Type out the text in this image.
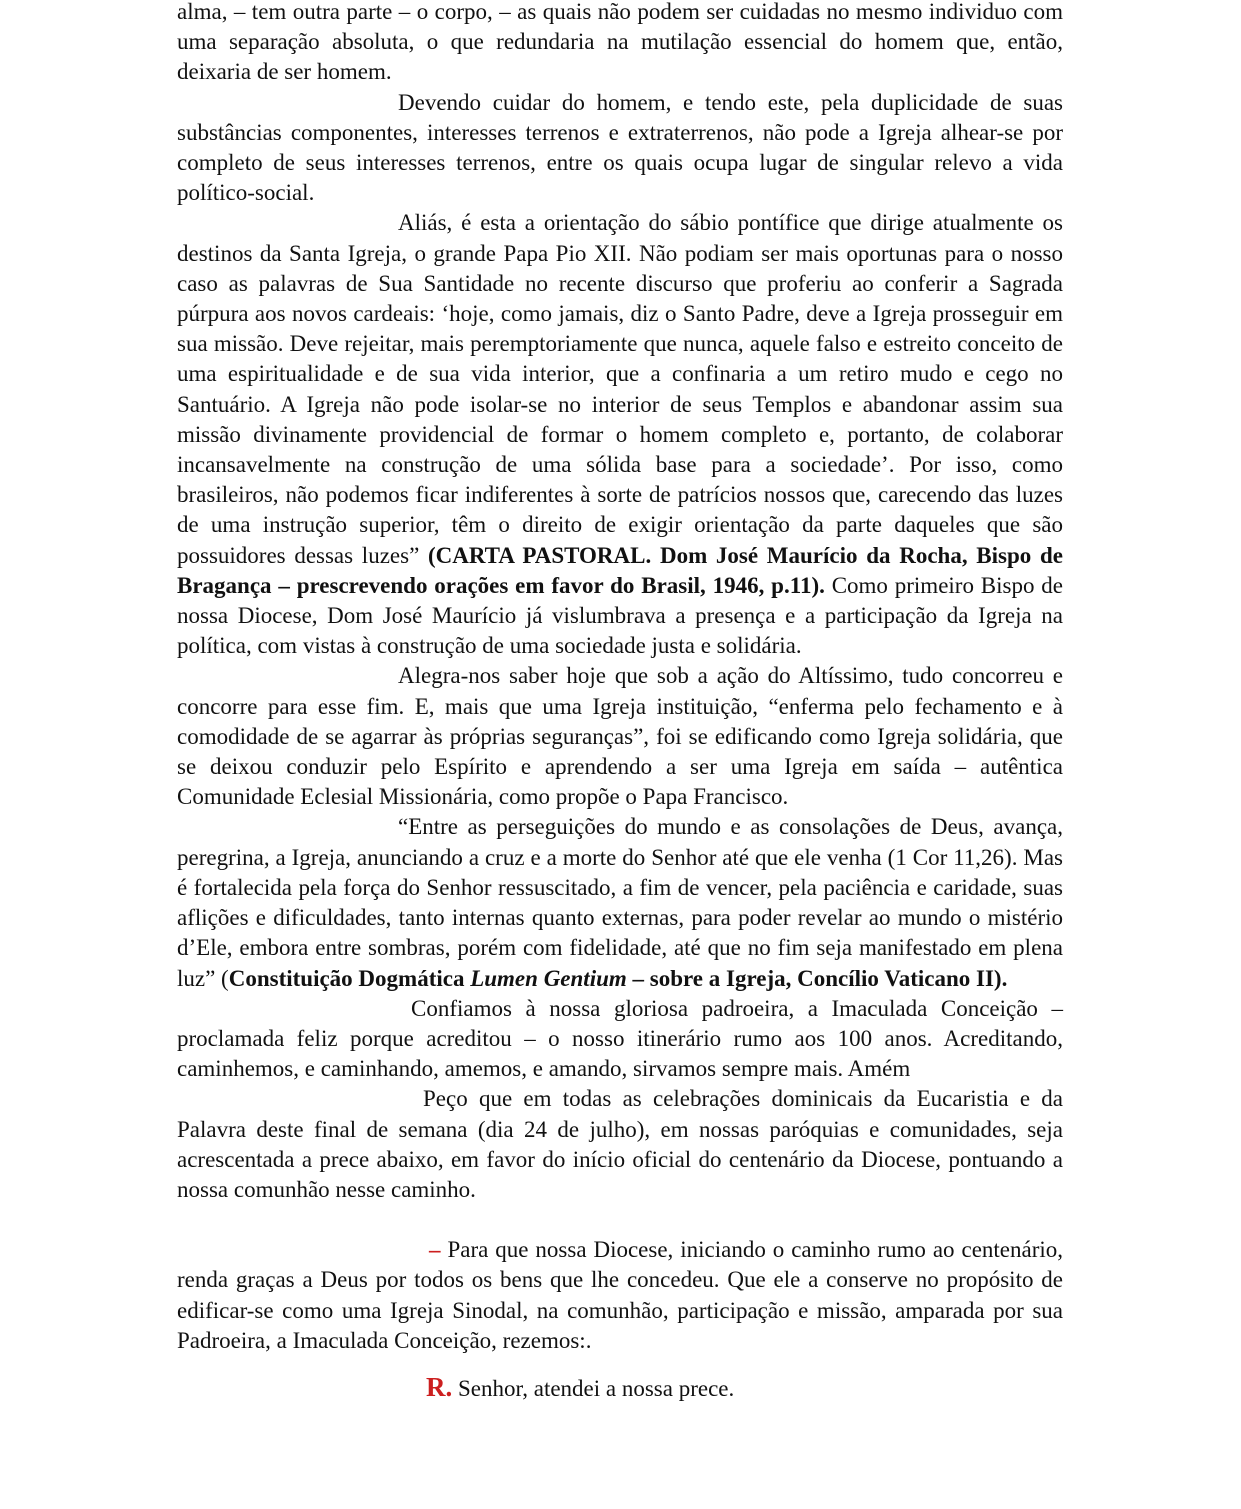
alma, – tem outra parte – o corpo, – as quais não podem ser cuidadas no mesmo individuo com uma separação absoluta, o que redundaria na mutilação essencial do homem que, então, deixaria de ser homem.

Devendo cuidar do homem, e tendo este, pela duplicidade de suas substâncias componentes, interesses terrenos e extraterrenos, não pode a Igreja alhear-se por completo de seus interesses terrenos, entre os quais ocupa lugar de singular relevo a vida político-social.

Aliás, é esta a orientação do sábio pontífice que dirige atualmente os destinos da Santa Igreja, o grande Papa Pio XII. Não podiam ser mais oportunas para o nosso caso as palavras de Sua Santidade no recente discurso que proferiu ao conferir a Sagrada púrpura aos novos cardeais: ‘hoje, como jamais, diz o Santo Padre, deve a Igreja prosseguir em sua missão. Deve rejeitar, mais peremptoriamente que nunca, aquele falso e estreito conceito de uma espiritualidade e de sua vida interior, que a confinaria a um retiro mudo e cego no Santuário. A Igreja não pode isolar-se no interior de seus Templos e abandonar assim sua missão divinamente providencial de formar o homem completo e, portanto, de colaborar incansavelmente na construção de uma sólida base para a sociedade’. Por isso, como brasileiros, não podemos ficar indiferentes à sorte de patrícios nossos que, carecendo das luzes de uma instrução superior, têm o direito de exigir orientação da parte daqueles que são possuidores dessas luzes” (CARTA PASTORAL. Dom José Maurício da Rocha, Bispo de Bragança – prescrevendo orações em favor do Brasil, 1946, p.11). Como primeiro Bispo de nossa Diocese, Dom José Maurício já vislumbrava a presença e a participação da Igreja na política, com vistas à construção de uma sociedade justa e solidária.

Alegra-nos saber hoje que sob a ação do Altíssimo, tudo concorreu e concorre para esse fim. E, mais que uma Igreja instituição, “enferma pelo fechamento e à comodidade de se agarrar às próprias seguranças”, foi se edificando como Igreja solidária, que se deixou conduzir pelo Espírito e aprendendo a ser uma Igreja em saída – autêntica Comunidade Eclesial Missionária, como propõe o Papa Francisco.

“Entre as perseguições do mundo e as consolações de Deus, avança, peregrina, a Igreja, anunciando a cruz e a morte do Senhor até que ele venha (1 Cor 11,26). Mas é fortalecida pela força do Senhor ressuscitado, a fim de vencer, pela paciência e caridade, suas aflições e dificuldades, tanto internas quanto externas, para poder revelar ao mundo o mistério d’Ele, embora entre sombras, porém com fidelidade, até que no fim seja manifestado em plena luz” (Constituição Dogmática Lumen Gentium – sobre a Igreja, Concílio Vaticano II).

Confiamos à nossa gloriosa padroeira, a Imaculada Conceição – proclamada feliz porque acreditou – o nosso itinerário rumo aos 100 anos. Acreditando, caminhemos, e caminhando, amemos, e amando, sirvamos sempre mais. Amém

Peço que em todas as celebrações dominicais da Eucaristia e da Palavra deste final de semana (dia 24 de julho), em nossas paróquias e comunidades, seja acrescentada a prece abaixo, em favor do início oficial do centenário da Diocese, pontuando a nossa comunhão nesse caminho.

– Para que nossa Diocese, iniciando o caminho rumo ao centenário, renda graças a Deus por todos os bens que lhe concedeu. Que ele a conserve no propósito de edificar-se como uma Igreja Sinodal, na comunhão, participação e missão, amparada por sua Padroeira, a Imaculada Conceição, rezemos:.

R. Senhor, atendei a nossa prece.
